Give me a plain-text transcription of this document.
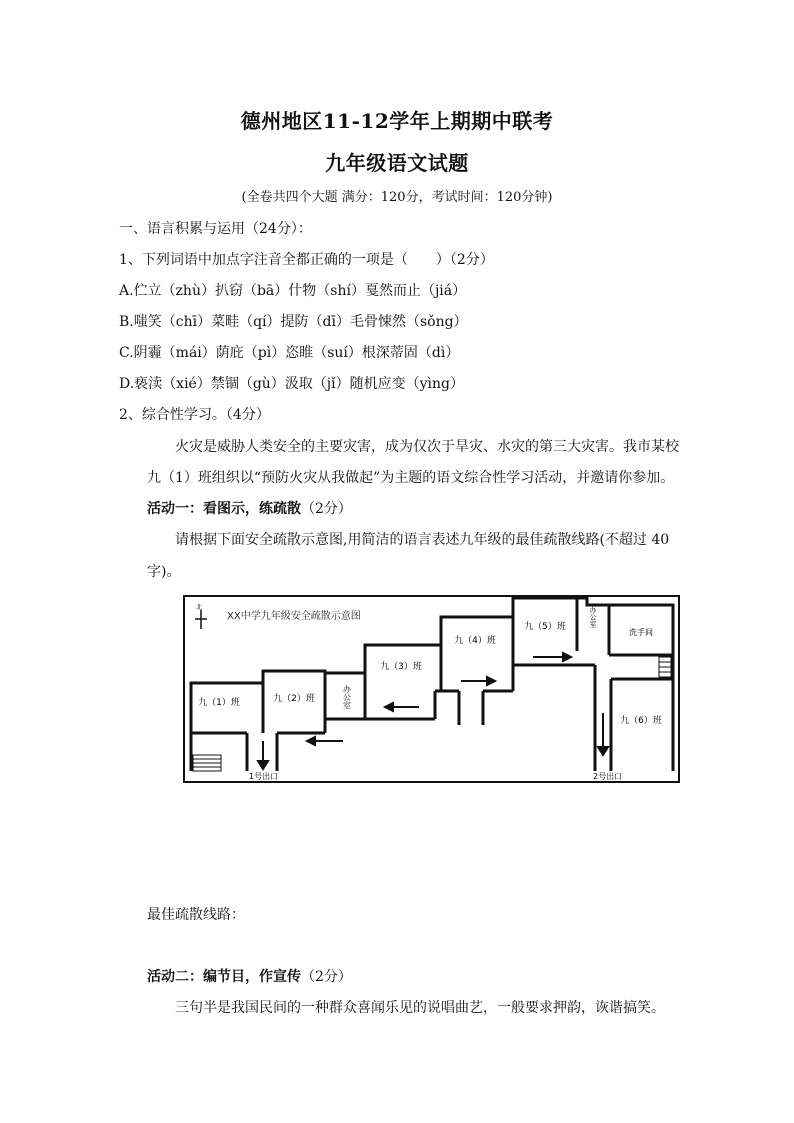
德州地区11-12学年上期期中联考
九年级语文试题
(全卷共四个大题 满分：120分，考试时间：120分钟)
一、语言积累与运用（24分）：
1、下列词语中加点字注音全都正确的一项是（　　）（2分）
A.伫立（zhù）扒窃（bā）什物（shí）戛然而止（jiá）
B.嗤笑（chī）菜畦（qí）提防（dī）毛骨悚然（sǒng）
C.阴霾（mái）荫庇（pì）恣睢（suí）根深蒂固（dì）
D.亵渎（xié）禁锢（gù）汲取（jǐ）随机应变（yìng）
2、综合性学习。（4分）
火灾是威胁人类安全的主要灾害，成为仅次于旱灾、水灾的第三大灾害。我市某校
九（1）班组织以“预防火灾从我做起”为主题的语文综合性学习活动，并邀请你参加。
活动一：看图示，练疏散（2分）
请根据下面安全疏散示意图,用简洁的语言表述九年级的最佳疏散线路(不超过 40
字)。
北
XX中学九年级安全疏散示意图
九（1）班	九（2）班	办公室
九（3）班
九（4）班
九（5）班	办公室
洗手间
九（6）班
1号出口	2号出口
最佳疏散线路：
活动二：编节目，作宣传（2分）
三句半是我国民间的一种群众喜闻乐见的说唱曲艺，一般要求押韵，诙谐搞笑。
